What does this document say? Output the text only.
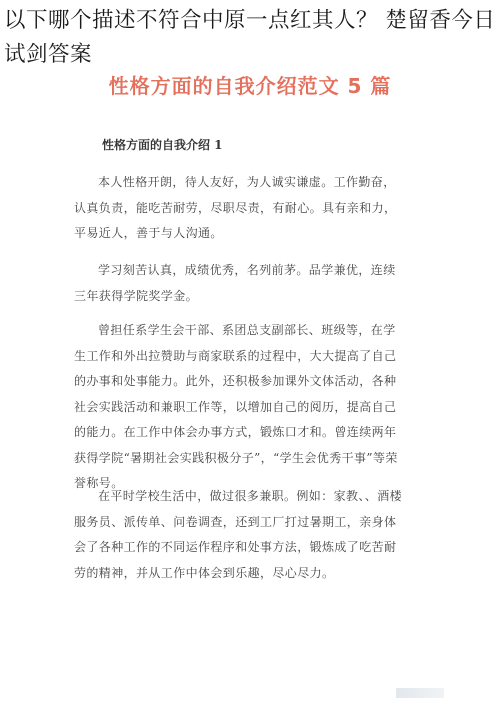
性格方面的自我介绍范文 5 篇
性格方面的自我介绍 1
本人性格开朗，待人友好，为人诚实谦虚。工作勤奋，认真负责，能吃苦耐劳，尽职尽责，有耐心。具有亲和力，平易近人，善于与人沟通。
学习刻苦认真，成绩优秀，名列前茅。品学兼优，连续三年获得学院奖学金。
曾担任系学生会干部、系团总支副部长、班级等，在学生工作和外出拉赞助与商家联系的过程中，大大提高了自己的办事和处事能力。此外，还积极参加课外文体活动，各种社会实践活动和兼职工作等，以增加自己的阅历，提高自己的能力。在工作中体会办事方式，锻炼口才和。曾连续两年获得学院“暑期社会实践积极分子”，“学生会优秀干事”等荣誉称号。
在平时学校生活中，做过很多兼职。例如：家教、、酒楼服务员、派传单、问卷调查，还到工厂打过暑期工，亲身体会了各种工作的不同运作程序和处事方法，锻炼成了吃苦耐劳的精神，并从工作中体会到乐趣，尽心尽力。
以下哪个描述不符合中原一点红其人？ 楚留香今日试剑答案
